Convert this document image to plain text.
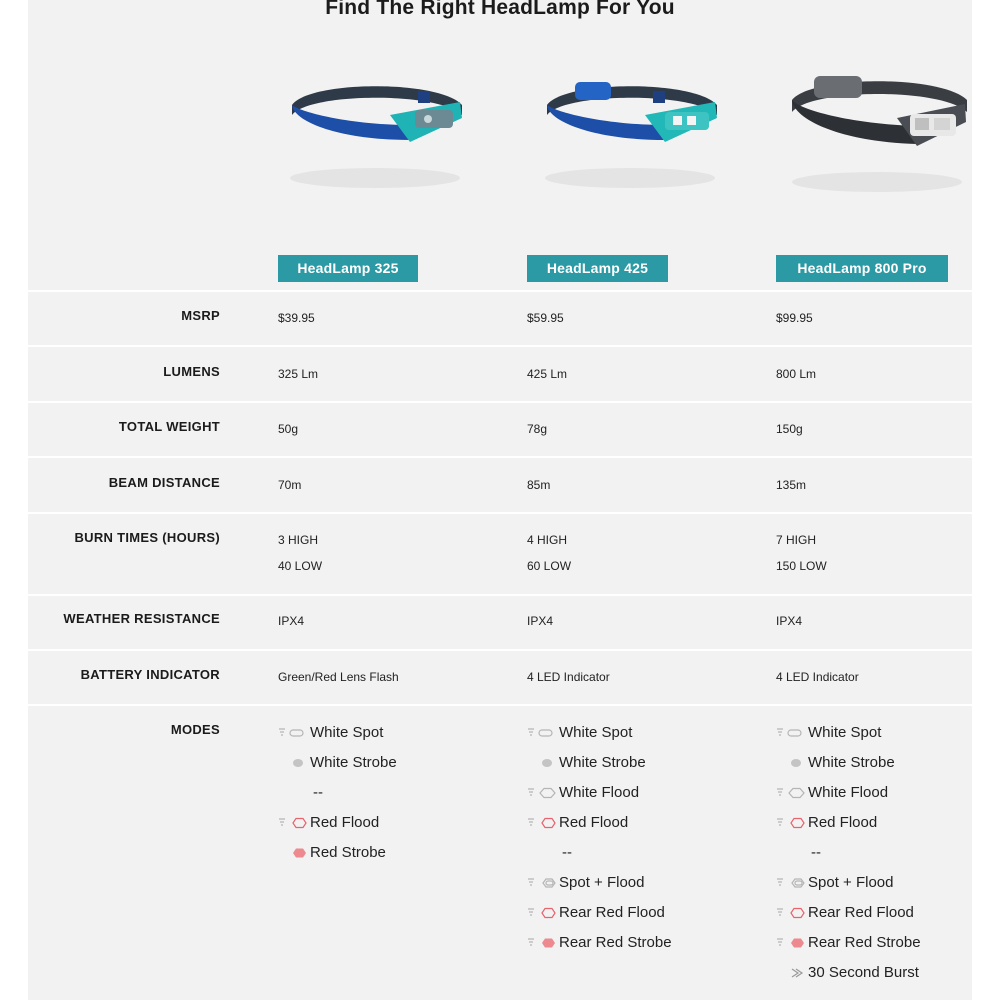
Find The Right HeadLamp For You
HeadLamp 325	HeadLamp 425	HeadLamp 800 Pro
MSRP
LUMENS
TOTAL WEIGHT
BEAM DISTANCE
BURN TIMES (HOURS)
WEATHER RESISTANCE
BATTERY INDICATOR
MODES
$39.95
325 Lm
50g
70m
3 HIGH
40 LOW
IPX4
Green/Red Lens Flash
$59.95
425 Lm
78g
85m
4 HIGH
60 LOW
IPX4
4 LED Indicator
$99.95
800 Lm
150g
135m
7 HIGH
150 LOW
IPX4
4 LED Indicator
White Spot
White Strobe
--
Red Flood
Red Strobe
White Spot
White Strobe
White Flood
Red Flood
--
Spot + Flood
Rear Red Flood
Rear Red Strobe
White Spot
White Strobe
White Flood
Red Flood
--
Spot + Flood
Rear Red Flood
Rear Red Strobe
30 Second Burst
